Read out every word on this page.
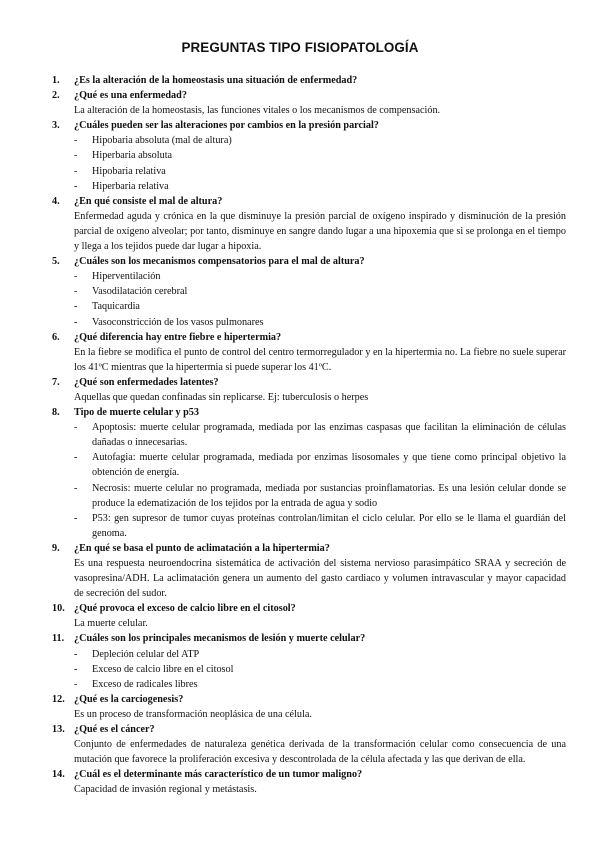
PREGUNTAS TIPO FISIOPATOLOGÍA
1.	¿Es la alteración de la homeostasis una situación de enfermedad?
2.	¿Qué es una enfermedad?
La alteración de la homeostasis, las funciones vitales o los mecanismos de compensación.
3.	¿Cuáles pueden ser las alteraciones por cambios en la presión parcial?
-	Hipobaria absoluta (mal de altura)
-	Hiperbaria absoluta
-	Hipobaria relativa
-	Hiperbaria relativa
4.	¿En qué consiste el mal de altura?
Enfermedad aguda y crónica en la que disminuye la presión parcial de oxígeno inspirado y disminución de la presión parcial de oxígeno alveolar; por tanto, disminuye en sangre dando lugar a una hipoxemia que si se prolonga en el tiempo y llega a los tejidos puede dar lugar a hipoxia.
5.	¿Cuáles son los mecanismos compensatorios para el mal de altura?
-	Hiperventilación
-	Vasodilatación cerebral
-	Taquicardia
-	Vasoconstricción de los vasos pulmonares
6.	¿Qué diferencia hay entre fiebre e hipertermia?
En la fiebre se modifica el punto de control del centro termorregulador y en la hipertermia no. La fiebre no suele superar los 41ºC mientras que la hipertermia si puede superar los 41ºC.
7.	¿Qué son enfermedades latentes?
Aquellas que quedan confinadas sin replicarse. Ej: tuberculosis o herpes
8.	Tipo de muerte celular y p53
-	Apoptosis: muerte celular programada, mediada por las enzimas caspasas que facilitan la eliminación de células dañadas o innecesarias.
-	Autofagia: muerte celular programada, mediada por enzimas lisosomales y que tiene como principal objetivo la obtención de energía.
-	Necrosis: muerte celular no programada, mediada por sustancias proinflamatorias. Es una lesión celular donde se produce la edematización de los tejidos por la entrada de agua y sodio
-	P53: gen supresor de tumor cuyas proteínas controlan/limitan el ciclo celular. Por ello se le llama el guardián del genoma.
9.	¿En qué se basa el punto de aclimatación a la hipertermia?
Es una respuesta neuroendocrina sistemática de activación del sistema nervioso parasimpático SRAA y secreción de vasopresina/ADH. La aclimatación genera un aumento del gasto cardiaco y volumen intravascular y mayor capacidad de secreción del sudor.
10. ¿Qué provoca el exceso de calcio libre en el citosol?
La muerte celular.
11. ¿Cuáles son los principales mecanismos de lesión y muerte celular?
-	Depleción celular del ATP
-	Exceso de calcio libre en el citosol
-	Exceso de radicales libres
12. ¿Qué es la carciogenesis?
Es un proceso de transformación neoplásica de una célula.
13. ¿Qué es el cáncer?
Conjunto de enfermedades de naturaleza genética derivada de la transformación celular como consecuencia de una mutación que favorece la proliferación excesiva y descontrolada de la célula afectada y las que derivan de ella.
14. ¿Cuál es el determinante más característico de un tumor maligno?
Capacidad de invasión regional y metástasis.
